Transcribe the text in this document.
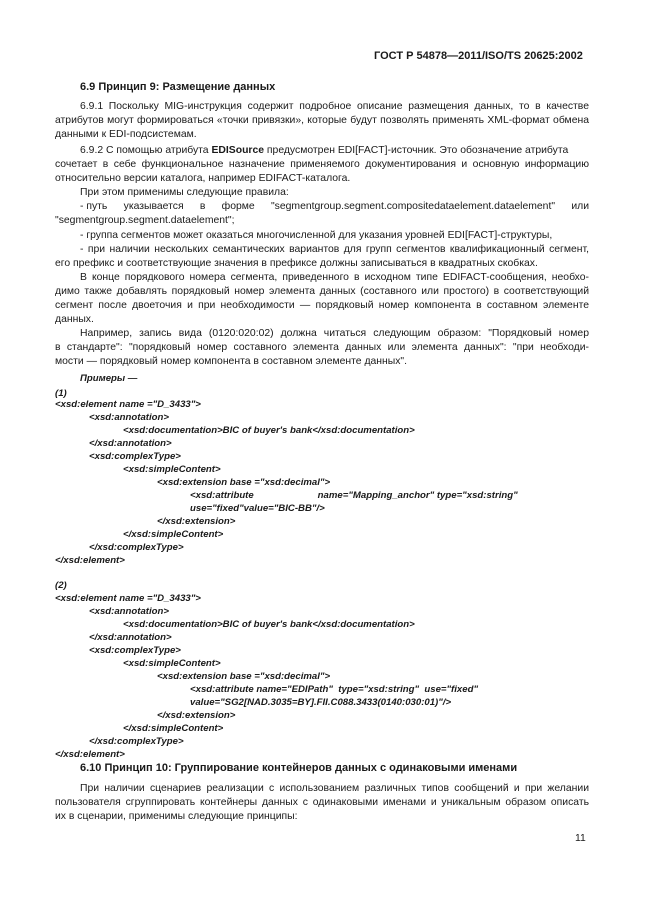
ГОСТ Р 54878—2011/ISO/TS 20625:2002
6.9 Принцип 9: Размещение данных
6.9.1 Поскольку MIG-инструкция содержит подробное описание размещения данных, то в качестве
атрибутов могут формироваться «точки привязки», которые будут позволять применять XML-формат обмена
данными к EDI-подсистемам.
6.9.2 С помощью атрибута EDISource предусмотрен EDI[FACT]-источник. Это обозначение атрибута
сочетает в себе функциональное назначение применяемого документирования и основную информацию
относительно версии каталога, например EDIFACT-каталога.
При этом применимы следующие правила:
- путь указывается в форме "segmentgroup.segment.compositedataelement.dataelement" или
"segmentgroup.segment.dataelement";
- группа сегментов может оказаться многочисленной для указания уровней EDI[FACT]-структуры,
- при наличии нескольких семантических вариантов для групп сегментов квалификационный сегмент,
его префикс и соответствующие значения в префиксе должны записываться в квадратных скобках.
В конце порядкового номера сегмента, приведенного в исходном типе EDIFACT-сообщения, необхо-
димо также добавлять порядковый номер элемента данных (составного или простого) в соответствующий
сегмент после двоеточия и при необходимости — порядковый номер компонента в составном элементе
данных.
Например, запись вида (0120:020:02) должна читаться следующим образом: "Порядковый номер
в стандарте": "порядковый номер составного элемента данных или элемента данных": "при необходи-
мости — порядковый номер компонента в составном элементе данных".
Примеры —
(1)
<xsd:element name ="D_3433">
<xsd:annotation>
<xsd:documentation>BIC of buyer's bank</xsd:documentation>
</xsd:annotation>
<xsd:complexType>
<xsd:simpleContent>
<xsd:extension base ="xsd:decimal">
<xsd:attribute                        name="Mapping_anchor" type="xsd:string"
use="fixed"value="BIC-BB"/>
</xsd:extension>
</xsd:simpleContent>
</xsd:complexType>
</xsd:element>
(2)
<xsd:element name ="D_3433">
<xsd:annotation>
<xsd:documentation>BIC of buyer's bank</xsd:documentation>
</xsd:annotation>
<xsd:complexType>
<xsd:simpleContent>
<xsd:extension base ="xsd:decimal">
<xsd:attribute name="EDIPath"  type="xsd:string"  use="fixed"
value="SG2[NAD.3035=BY].FII.C088.3433(0140:030:01)"/>
</xsd:extension>
</xsd:simpleContent>
</xsd:complexType>
</xsd:element>
6.10 Принцип 10: Группирование контейнеров данных с одинаковыми именами
При наличии сценариев реализации с использованием различных типов сообщений и при желании
пользователя сгруппировать контейнеры данных с одинаковыми именами и уникальным образом описать
их в сценарии, применимы следующие принципы:
11
